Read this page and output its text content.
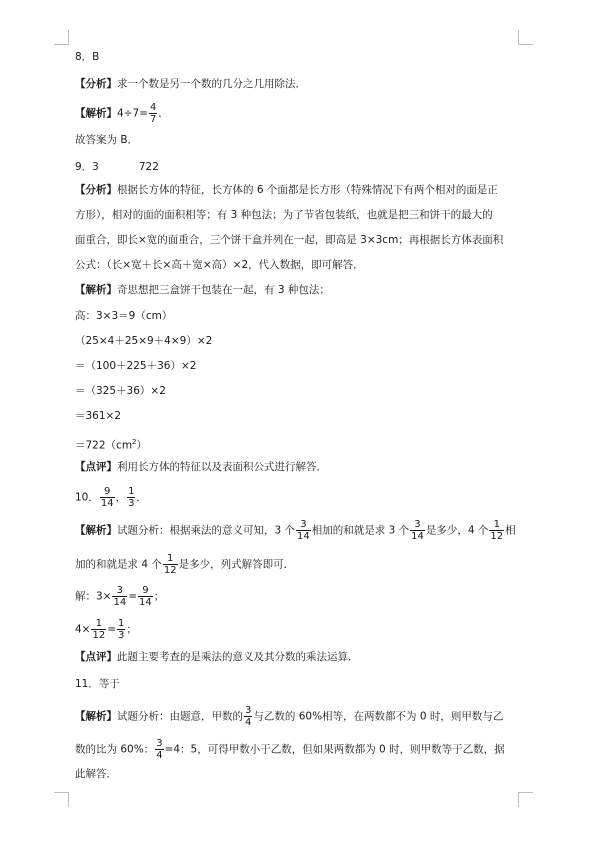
8．B
【分析】求一个数是另一个数的几分之几用除法．
【解析】$4\div 7= \frac{4}{7}$ ．
故答案为 B．
9．3	722
【分析】根据长方体的特征，长方体的 6 个面都是长方形（特殊情况下有两个相对的面是正
方形），相对的面的面积相等；有 3 种包法；为了节省包装纸，也就是把三和饼干的最大的
面重合，即长×宽的面重合，三个饼干盒并列在一起，即高是 3×3cm；再根据长方体表面积
公式：（长×宽＋长×高＋宽×高）×2，代入数据，即可解答．
【解析】奇思想把三盒饼干包装在一起，有 3 种包法；
高：3×3＝9（cm）
（25×4＋25×9＋4×9）×2
＝（100＋225＋36）×2
＝（325＋36）×2
＝361×2
$=722(cm^2)$
【点评】利用长方体的特征以及表面积公式进行解答．
10． $\frac{9}{14}$ ， $\frac{1}{3}$ ．
【解析】试题分析：根据乘法的意义可知，3 个 $\frac{3}{14}$ 相加的和就是求 3 个 $\frac{3}{14}$ 是多少，4 个 $\frac{1}{12}$ 相
加的和就是求 4 个 $\frac{1}{12}$ 是多少，列式解答即可．
解：$3\times \frac{3}{14} = \frac{9}{14}$ ；
$4\times \frac{1}{12} = \frac{1}{3}$ ；
【点评】此题主要考查的是乘法的意义及其分数的乘法运算．
11．等于
【解析】试题分析：由题意，甲数的 $\frac{3}{4}$ 与乙数的 60%相等，在两数都不为 0 时，则甲数与乙
数的比为 60%： $\frac{3}{4} =4$：5，可得甲数小于乙数，但如果两数都为 0 时，则甲数等于乙数，据
此解答．
